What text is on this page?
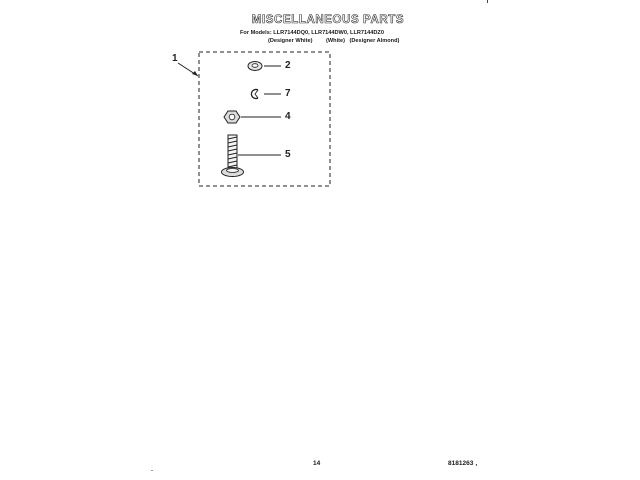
MISCELLANEOUS PARTS
For Models: LLR7144DQ0, LLR7144DW0, LLR7144DZ0
(Designer White) (White) (Designer Almond)
1
2
7
4
5
14	8181263 ,
